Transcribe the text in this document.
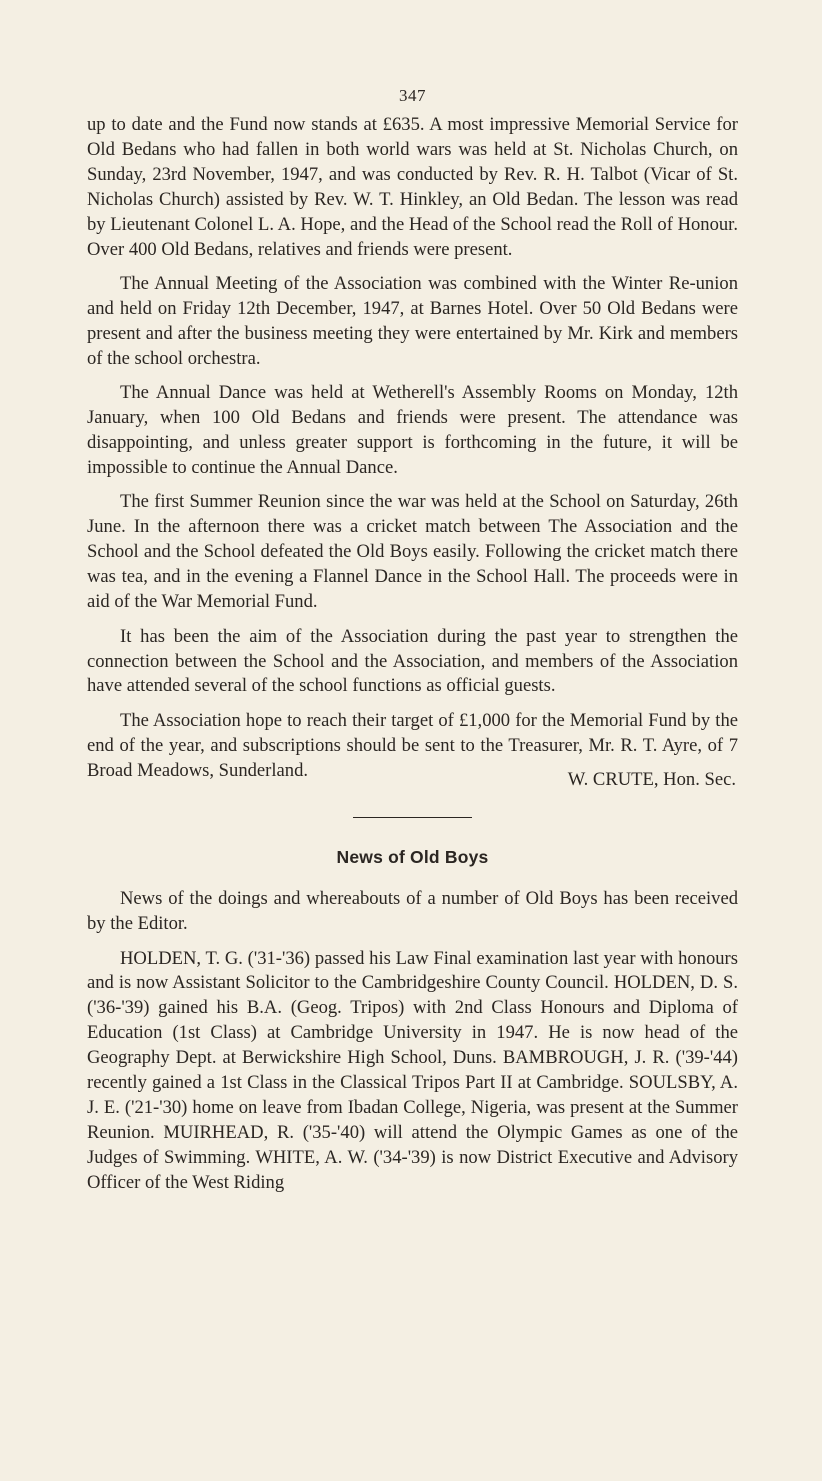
347

up to date and the Fund now stands at £635. A most impressive Memorial Service for Old Bedans who had fallen in both world wars was held at St. Nicholas Church, on Sunday, 23rd November, 1947, and was conducted by Rev. R. H. Talbot (Vicar of St. Nicholas Church) assisted by Rev. W. T. Hinkley, an Old Bedan. The lesson was read by Lieutenant Colonel L. A. Hope, and the Head of the School read the Roll of Honour. Over 400 Old Bedans, relatives and friends were present.

The Annual Meeting of the Association was combined with the Winter Re-union and held on Friday 12th December, 1947, at Barnes Hotel. Over 50 Old Bedans were present and after the business meeting they were entertained by Mr. Kirk and members of the school orchestra.

The Annual Dance was held at Wetherell's Assembly Rooms on Monday, 12th January, when 100 Old Bedans and friends were present. The attendance was disappointing, and unless greater support is forthcoming in the future, it will be impossible to continue the Annual Dance.

The first Summer Reunion since the war was held at the School on Saturday, 26th June. In the afternoon there was a cricket match between The Association and the School and the School defeated the Old Boys easily. Following the cricket match there was tea, and in the evening a Flannel Dance in the School Hall. The proceeds were in aid of the War Memorial Fund.

It has been the aim of the Association during the past year to strengthen the connection between the School and the Association, and members of the Association have attended several of the school functions as official guests.

The Association hope to reach their target of £1,000 for the Memorial Fund by the end of the year, and subscriptions should be sent to the Treasurer, Mr. R. T. Ayre, of 7 Broad Meadows, Sunderland.	W. CRUTE, Hon. Sec.
News of Old Boys

News of the doings and whereabouts of a number of Old Boys has been received by the Editor.

HOLDEN, T. G. ('31-'36) passed his Law Final examination last year with honours and is now Assistant Solicitor to the Cambridgeshire County Council. HOLDEN, D. S. ('36-'39) gained his B.A. (Geog. Tripos) with 2nd Class Honours and Diploma of Education (1st Class) at Cambridge University in 1947. He is now head of the Geography Dept. at Berwickshire High School, Duns. BAMBROUGH, J. R. ('39-'44) recently gained a 1st Class in the Classical Tripos Part II at Cambridge. SOULSBY, A. J. E. ('21-'30) home on leave from Ibadan College, Nigeria, was present at the Summer Reunion. MUIRHEAD, R. ('35-'40) will attend the Olympic Games as one of the Judges of Swimming. WHITE, A. W. ('34-'39) is now District Executive and Advisory Officer of the West Riding
